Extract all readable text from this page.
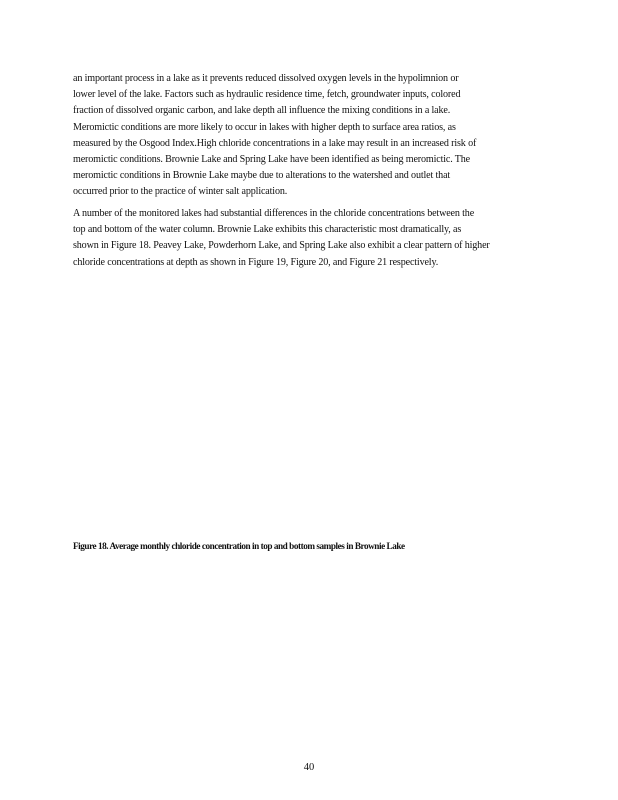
an important process in a lake as it prevents reduced dissolved oxygen levels in the hypolimnion or
lower level of the lake. Factors such as hydraulic residence time, fetch, groundwater inputs, colored
fraction of dissolved organic carbon, and lake depth all influence the mixing conditions in a lake.
Meromictic conditions are more likely to occur in lakes with higher depth to surface area ratios, as
measured by the Osgood Index.High chloride concentrations in a lake may result in an increased risk of
meromictic conditions. Brownie Lake and Spring Lake have been identified as being meromictic. The
meromictic conditions in Brownie Lake maybe due to alterations to the watershed and outlet that
occurred prior to the practice of winter salt application.
A number of the monitored lakes had substantial differences in the chloride concentrations between the
top and bottom of the water column. Brownie Lake exhibits this characteristic most dramatically, as
shown in Figure 18. Peavey Lake, Powderhorn Lake, and Spring Lake also exhibit a clear pattern of higher
chloride concentrations at depth as shown in Figure 19, Figure 20, and Figure 21 respectively.

Figure 18. Average monthly chloride concentration in top and bottom samples in Brownie Lake

40
